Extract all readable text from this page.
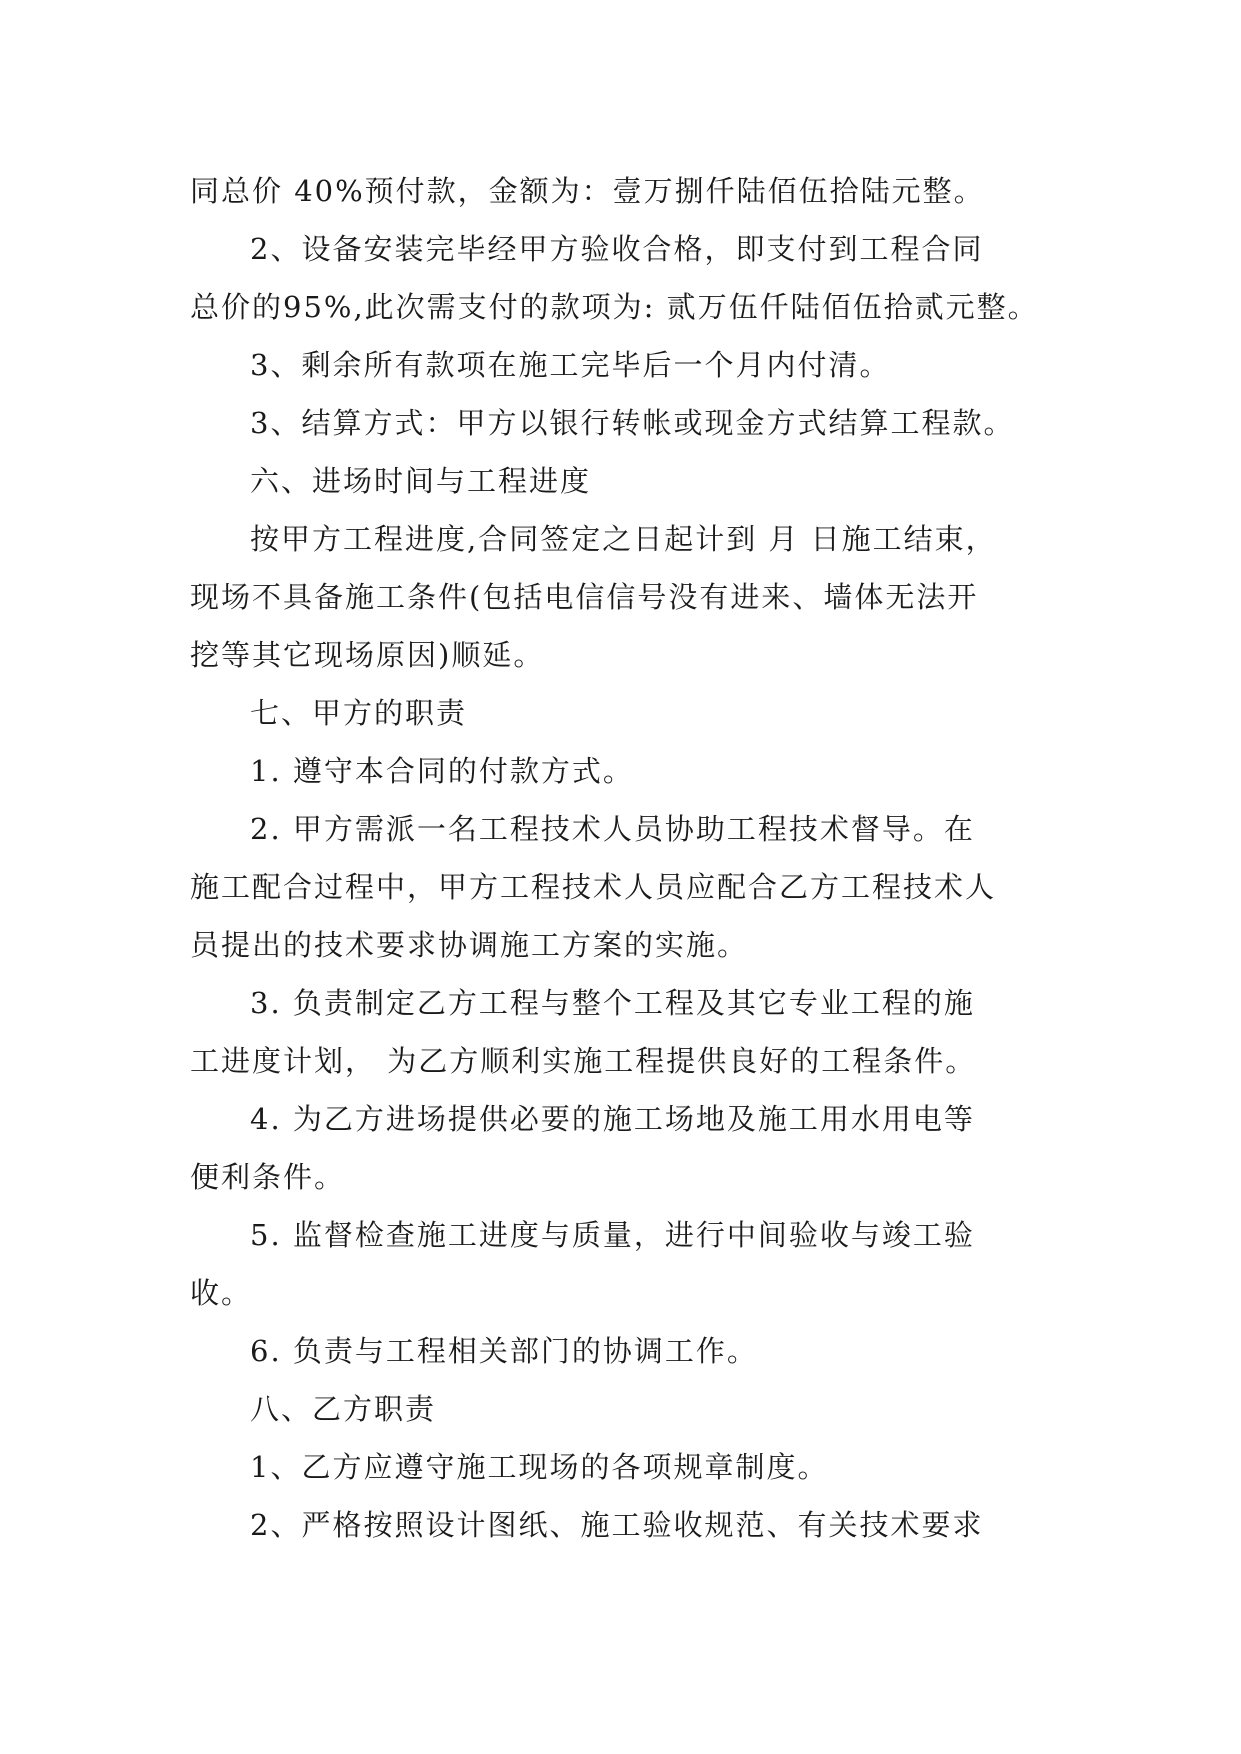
同总价 40%预付款，金额为：壹万捌仟陆佰伍拾陆元整。
2、设备安装完毕经甲方验收合格，即支付到工程合同
总价的95%,此次需支付的款项为: 贰万伍仟陆佰伍拾贰元整。
3、剩余所有款项在施工完毕后一个月内付清。
3、结算方式：甲方以银行转帐或现金方式结算工程款。
六、进场时间与工程进度
按甲方工程进度,合同签定之日起计到 月 日施工结束，
现场不具备施工条件(包括电信信号没有进来、墙体无法开
挖等其它现场原因)顺延。
七、甲方的职责
1. 遵守本合同的付款方式。
2. 甲方需派一名工程技术人员协助工程技术督导。在
施工配合过程中，甲方工程技术人员应配合乙方工程技术人
员提出的技术要求协调施工方案的实施。
3. 负责制定乙方工程与整个工程及其它专业工程的施
工进度计划， 为乙方顺利实施工程提供良好的工程条件。
4. 为乙方进场提供必要的施工场地及施工用水用电等
便利条件。
5. 监督检查施工进度与质量，进行中间验收与竣工验
收。
6. 负责与工程相关部门的协调工作。
八、乙方职责
1、乙方应遵守施工现场的各项规章制度。
2、严格按照设计图纸、施工验收规范、有关技术要求
